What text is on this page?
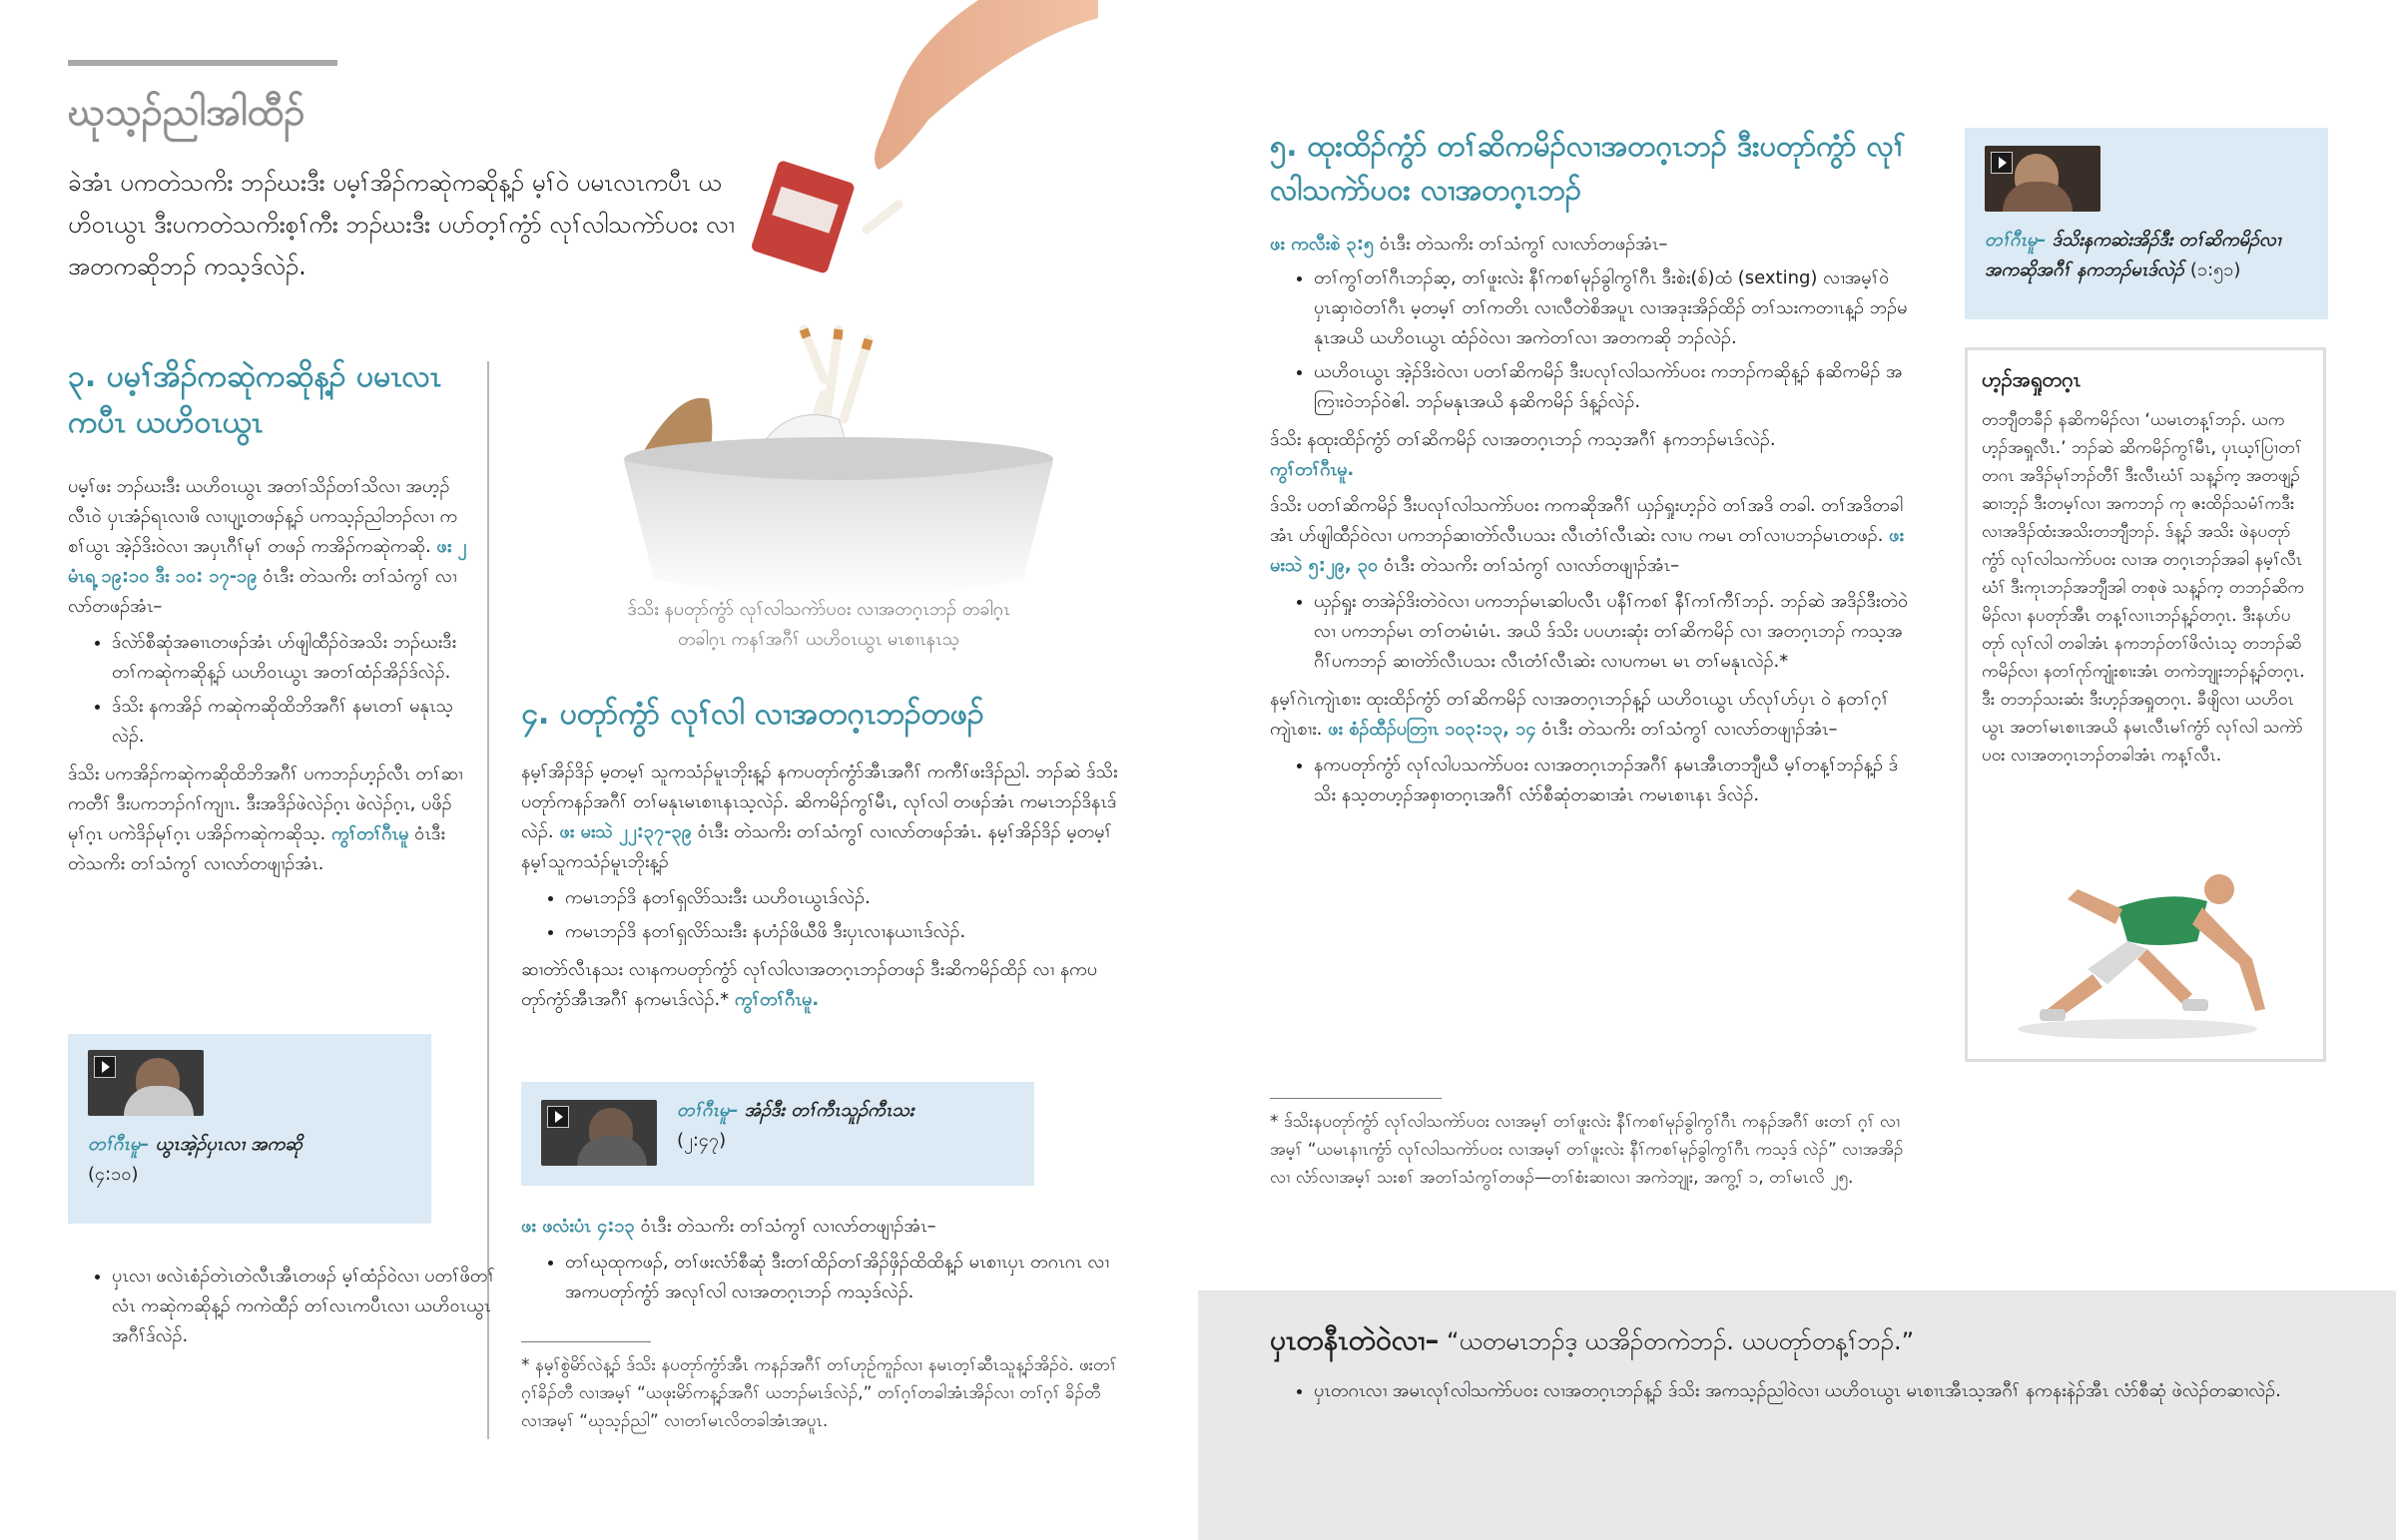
ဃုသ့ၣ်ညါအါထီၣ်

ခဲအံၤ ပကတဲသကိး ဘၣ်ဃးဒီး ပမ့ၢ်အိၣ်ကဆုဲကဆိုန့ၣ် မ့ၢ်ဝဲ ပမၤလၤကပီၤ ယဟိဝၤယွၤ ဒီးပကတဲသကိးစ့ၢ်ကီး ဘၣ်ဃးဒီး ပပာ်တ့ၢ်ကွံာ် လုၢ်လါသကဲာ်ပဝး လၢအတကဆိုဘၣ် ကသ့ဒ်လဲၣ်.

ဒ်သိး နပတုာ်ကွံာ် လုၢ်လါသကဲာ်ပဝး လၢအတဂ့ၤဘၣ် တခါဂ့ၤတခါဂ့ၤ ကနၢ်အဂီၢ် ယဟိဝၤယွၤ မၤစၢၤနၤသ့

၃. ပမ့ၢ်အိၣ်ကဆုဲကဆိုန့ၣ် ပမၤလၤကပီၤ ယဟိဝၤယွၤ

ပမ့ၢ်ဖး ဘၣ်ဃးဒီး ယဟိဝၤယွၤ အတၢ်သိၣ်တၢ်သိလၢ အဟ့ၣ်လီၤဝဲ ပှၤအံၣ်ရၤလၢဖိ လၢပျ့ၤတဖၣ်န့ၣ် ပကသ့ၣ်ညါဘၣ်လၢ ကစၢ်ယွၤ အဲ့ၣ်ဒိးဝဲလၢ အပှၤဂီၢ်မုၢ် တဖၣ် ကအိၣ်ကဆုဲကဆို. ဖး ၂ မံၤရ့ ၁၉:၁၀ ဒီး ၁၀: ၁၇-၁၉ ဝံၤဒီး တဲသကိး တၢ်သံကွၢ် လၢလာ်တဖၣ်အံၤ–

• ဒ်လဲာ်စီဆုံအဓၢၤတဖၣ်အံၤ ဟ်ဖျါထီၣ်ဝဲအသိး ဘၣ်ဃးဒီး တၢ်ကဆုဲကဆိုန့ၣ် ယဟိဝၤယွၤ အတၢ်ထံၣ်အိၣ်ဒ်လဲၣ်.
• ဒ်သိး နကအိၣ် ကဆုဲကဆိုထိဘိအဂီၢ် နမၤတၢ် မနုၤသ့လဲၣ်.

ဒ်သိး ပကအိၣ်ကဆုဲကဆိုထိဘိအဂီၢ် ပကဘၣ်ဟ့ၣ်လီၤ တၢ်ဆၢကတီၢ် ဒီးပကဘၣ်ဂၢ်ကျၢၤ. ဒီးအဒိၣ်ဖဲလဲၣ်ဂ့ၤ ဖဲလဲၣ်ဂ့ၤ, ပဖိၣ်မုၢ်ဂ့ၤ ပကဲဒိၣ်မုၢ်ဂ့ၤ ပအိၣ်ကဆုဲကဆိုသ့. ကွၢ်တၢ်ဂီၤမူ ဝံၤဒီး တဲသကိး တၢ်သံကွၢ် လၢလာ်တဖျၢၣ်အံၤ.

တၢ်ဂီၤမူ– ယွၤအဲ့ၣ်ပှၤလၢ အကဆို
(၄:၁၀)
• ပှၤလၢ ဖလဲၤစံၣ်တဲၤတဲလီၤအီၤတဖၣ် မ့ၢ်ထံၣ်ဝဲလၢ ပတၢ်ဖိတၢ်လံၤ ကဆုဲကဆိုန့ၣ် ကကဲထီၣ် တၢ်လၤကပီၤလၢ ယဟိဝၤယွၤ အဂီၢ်ဒ်လဲၣ်.
၄. ပတုာ်ကွံာ် လုၢ်လါ လၢအတဂ့ၤဘၣ်တဖၣ်

နမ့ၢ်အိၣ်ဒိၣ် မ့တမ့ၢ် သူကသံၣ်မူၤဘိုးန့ၣ် နကပတုာ်ကွံာ်အီၤအဂီၢ် ကကီၢ်ဖးဒိၣ်ညါ. ဘၣ်ဆဲ ဒ်သိးပတုာ်ကနၣ်အဂီၢ် တၢ်မနုၤမၤစၢၤနၤသ့လဲၣ်. ဆိကမိၣ်ကွၢ်မီၤ, လုၢ်လါ တဖၣ်အံၤ ကမၤဘၣ်ဒိနၤဒ်လဲၣ်. ဖး မးသဲ ၂၂:၃၇-၃၉ ဝံၤဒီး တဲသကိး တၢ်သံကွၢ် လၢလာ်တဖၣ်အံၤ. နမ့ၢ်အိၣ်ဒိၣ် မ့တမ့ၢ် နမ့ၢ်သူကသံၣ်မူၤဘိုးန့ၣ်

• ကမၤဘၣ်ဒိ နတၢ်ရှလိာ်သးဒီး ယဟိဝၤယွၤဒ်လဲၣ်.
• ကမၤဘၣ်ဒိ နတၢ်ရှလိာ်သးဒီး နဟံၣ်ဖိယီဖိ ဒီးပှၤလၢနယၢၤဒ်လဲၣ်.

ဆၢတဲာ်လီၤနသး လၢနကပတုာ်ကွံာ် လုၢ်လါလၢအတဂ့ၤဘၣ်တဖၣ် ဒီးဆိကမိၣ်ထိၣ် လၢ နကပတုာ်ကွံာ်အီၤအဂီၢ် နကမၤဒ်လဲၣ်.* ကွၢ်တၢ်ဂီၤမူ.

တၢ်ဂီၤမူ– အံၣ်ဒီး တၢ်ကီၤသူၣ်ကီၤသး
(၂:၄၇)

ဖး ဖလံးပံၤ ၄:၁၃ ဝံၤဒီး တဲသကိး တၢ်သံကွၢ် လၢလာ်တဖျၢၣ်အံၤ–

• တၢ်ဃုထုကဖၣ်, တၢ်ဖးလံာ်စီဆုံ ဒီးတၢ်ထိၣ်တၢ်အိၣ်ဖှိၣ်ထိထိန့ၣ် မၤစၢၤပှၤ တဂၤဂၤ လၢအကပတုာ်ကွံာ် အလုၢ်လါ လၢအတဂ့ၤဘၣ် ကသ့ဒ်လဲၣ်.

* နမ့ၢ်စွဲမိာ်လဲန့ၣ် ဒ်သိး နပတုာ်ကွံာ်အီၤ ကနၣ်အဂီၢ် တၢ်ဟုဉ်ကူၣ်လၢ နမၤတ့ၢ်ဆီၤသူန့ၣ်အိၣ်ဝဲ. ဖးတၢ်ဂ့ၢ်ခိၣ်တီ လၢအမ့ၢ် “ယဖုးမိာ်ကန့ၣ်အဂီၢ် ယဘၣ်မၤဒ်လဲၣ်,” တၢ်ဂ့ၢ်တခါအံၤအိၣ်လၢ တၢ်ဂ့ၢ် ခိၣ်တီ လၢအမ့ၢ် “ဃုသ့ၣ်ညါ” လၢတၢ်မၤလိတခါအံၤအပူၤ.

၅. ထုးထိၣ်ကွံာ် တၢ်ဆိကမိၣ်လၢအတဂ့ၤဘၣ် ဒီးပတုာ်ကွံာ် လုၢ်လါသကဲာ်ပဝး လၢအတဂ့ၤဘၣ်

ဖး ကလီးစဲ ၃:၅ ဝံၤဒီး တဲသကိး တၢ်သံကွၢ် လၢလာ်တဖၣ်အံၤ–

• တၢ်ကွၢ်တၢ်ဂီၤဘၣ်ဆ့, တၢ်ဖူးလဲး နီၢ်ကစၢ်မုၣ်ခွါကွၢ်ဂီၤ ဒီးစဲး(စ်)ထံ (sexting) လၢအမ့ၢ်ဝဲ ပှၤဆှၢဝဲတၢ်ဂီၤ မ့တမ့ၢ် တၢ်ကတိၤ လၢလီတဲစိအပူၤ လၢအဒုးအိၣ်ထိၣ် တၢ်သးကတၢၤန့ၣ် ဘၣ်မနုၤအယိ ယဟိဝၤယွၤ ထံၣ်ဝဲလၢ အကဲတၢ်လၢ အတကဆို ဘၣ်လဲၣ်.
• ယဟိဝၤယွၤ အဲ့ၣ်ဒိးဝဲလၢ ပတၢ်ဆိကမိၣ် ဒီးပလုၢ်လါသကဲာ်ပဝး ကဘၣ်ကဆိုန့ၣ် နဆိကမိၣ် အကြၢးဝဲဘၣ်ဝဲဧါ. ဘၣ်မနုၤအယိ နဆိကမိၣ် ဒ်န့ၣ်လဲၣ်.

ဒ်သိး နထုးထိၣ်ကွံာ် တၢ်ဆိကမိၣ် လၢအတဂ့ၤဘၣ် ကသ့အဂီၢ် နကဘၣ်မၤဒ်လဲၣ်.
ကွၢ်တၢ်ဂီၤမူ.

ဒ်သိး ပတၢ်ဆိကမိၣ် ဒီးပလုၢ်လါသကဲာ်ပဝး ကကဆိုအဂီၢ် ယှၣ်ရှုးဟ့ၣ်ဝဲ တၢ်အဒိ တခါ. တၢ်အဒိတခါအံၤ ဟ်ဖျါထီၣ်ဝဲလၢ ပကဘၣ်ဆၢတဲာ်လီၤပသး လီၤတံၢ်လီၤဆဲး လၢပ ကမၤ တၢ်လၢပဘၣ်မၤတဖၣ်. ဖး မးသဲ ၅:၂၉, ၃၀ ဝံၤဒီး တဲသကိး တၢ်သံကွၢ် လၢလာ်တဖျၢၣ်အံၤ–

• ယှၣ်ရှုး တအဲၣ်ဒိးတဲဝဲလၢ ပကဘၣ်မၤဆါပလီၤ ပနီၢ်ကစၢ် နီၢ်ကၢ်ကီၢ်ဘၣ်. ဘၣ်ဆဲ အဒိၣ်ဒီးတဲဝဲလၢ ပကဘၣ်မၤ တၢ်တမံၤမံၤ. အယိ ဒ်သိး ပပဟးဆုံး တၢ်ဆိကမိၣ် လၢ အတဂ့ၤဘၣ် ကသ့အဂီၢ်ပကဘၣ် ဆၢတဲာ်လီၤပသး လီၤတံၢ်လီၤဆဲး လၢပကမၤ မၤ တၢ်မနုၤလဲၣ်.*

နမ့ၢ်ဂဲၤကျဲၤစၢး ထုးထိၣ်ကွံာ် တၢ်ဆိကမိၣ် လၢအတဂ့ၤဘၣ်န့ၣ် ယဟိဝၤယွၤ ပာ်လုၢ်ပာ်ပှၤ ဝဲ နတၢ်ဂ့ၢ်ကျဲၤစၢး. ဖး စံၣ်ထီၣ်ပတြၢၤ ၁၀၃:၁၃, ၁၄ ဝံၤဒီး တဲသကိး တၢ်သံကွၢ် လၢလာ်တဖျၢၣ်အံၤ–

• နကပတုာ်ကွံာ် လုၢ်လါပသကဲာ်ပဝး လၢအတဂ့ၤဘၣ်အဂီၢ် နမၤအီၤတဘျီဃီ မ့ၢ်တန့ၢ်ဘၣ်န့ၣ် ဒ်သိး နသ့တဟ့ၣ်အစှၢတဂ့ၤအဂီၢ် လံာ်စီဆုံတဆၢအံၤ ကမၤစၢၤနၤ ဒ်လဲၣ်.

* ဒ်သိးနပတုာ်ကွံာ် လုၢ်လါသကဲာ်ပဝး လၢအမ့ၢ် တၢ်ဖူးလဲး နီၢ်ကစၢ်မုၣ်ခွါကွၢ်ဂီၤ ကနၣ်အဂီၢ် ဖးတၢ် ဂ့ၢ် လၢအမ့ၢ် “ယမၤနၢၤကွံာ် လုၢ်လါသကဲာ်ပဝး လၢအမ့ၢ် တၢ်ဖူးလဲး နီၢ်ကစၢ်မုၣ်ခွါကွၢ်ဂီၤ ကသ့ဒ် လဲၣ်” လၢအအိၣ်လၢ လံာ်လၢအမ့ၢ် သးစၢ် အတၢ်သံကွၢ်တဖၣ်—တၢ်စံးဆၢလၢ အကဲဘျုး, အကွ့ၢ် ၁, တၢ်မၤလိ ၂၅.

တၢ်ဂီၤမူ– ဒ်သိးနကဆဲးအိၣ်ဒီး တၢ်ဆိကမိၣ်လၢ အကဆိုအဂီၢ် နကဘၣ်မၤဒ်လဲၣ် (၁:၅၁)
ဟ့ၣ်အရှုတဂ့ၤ

တဘျီတခီၣ် နဆိကမိၣ်လၢ ‘ယမၤတန့ၢ်ဘၣ်. ယကဟ့ၣ်အရှုလီၤ.’ ဘၣ်ဆဲ ဆိကမိၣ်ကွၢ်မီၤ, ပှၤယ့ၢ်ပြၢတၢ်တဂၤ အဒိၣ်မုၢ်ဘၣ်တီၢ် ဒီးလီၤဃံၢ် သန့ၣ်က့ အတဖျ့ၣ်ဆၢဘ့ၣ် ဒီးတမ့ၢ်လၢ အကဘၣ် ကု ဇးထိၣ်သမံၢ်ကဒီး လၢအဒိၣ်ထံးအသိးတဘျီဘၣ်. ဒ်န့ၣ် အသိး ဖဲနပတုာ်ကွံာ် လုၢ်လါသကဲာ်ပဝး လၢအ တဂ့ၤဘၣ်အခါ နမ့ၢ်လီၤဃံၢ် ဒီးကုၤဘၣ်အဘျီအါ တစုဖဲ သန့ၣ်က့ တဘၣ်ဆိကမိၣ်လၢ နပတုာ်အီၤ တန့ၢ်လၢၤဘၣ်န့ၣ်တဂ့ၤ. ဒီးနပာ်ပတုာ် လုၢ်လါ တခါအံၤ နကဘၣ်တၢ်ဖိလံၤသ့ တဘၣ်ဆိကမိၣ်လၢ နတၢ်ဂုာ်ကျုံးစၢးအံၤ တကဲဘျုးဘၣ်န့ၣ်တဂ့ၤ. ဒီး တဘၣ်သးဆံး ဒီးဟ့ၣ်အရှုတဂ့ၤ. ခီဖျိလၢ ယဟိဝၤ ယွၤ အတၢ်မၤစၢၤအယိ နမၤလီၤမၢ်ကွံာ် လုၢ်လါ သကဲာ်ပဝး လၢအတဂ့ၤဘၣ်တခါအံၤ ကန့ၢ်လီၤ.

ပှၤတနီၤတဲဝဲလၢ– “ယတမၤဘၣ်ဒ့ ယအိၣ်တကဲဘၣ်. ယပတုာ်တန့ၢ်ဘၣ်.”
• ပှၤတဂၤလၢ အမၤလုၢ်လါသကဲာ်ပဝး လၢအတဂ့ၤဘၣ်န့ၣ် ဒ်သိး အကသ့ၣ်ညါဝဲလၢ ယဟိဝၤယွၤ မၤစၢၤအီၤသ့အဂီၢ် နကနးနဲၣ်အီၤ လံာ်စီဆုံ ဖဲလဲၣ်တဆၢလဲၣ်.
